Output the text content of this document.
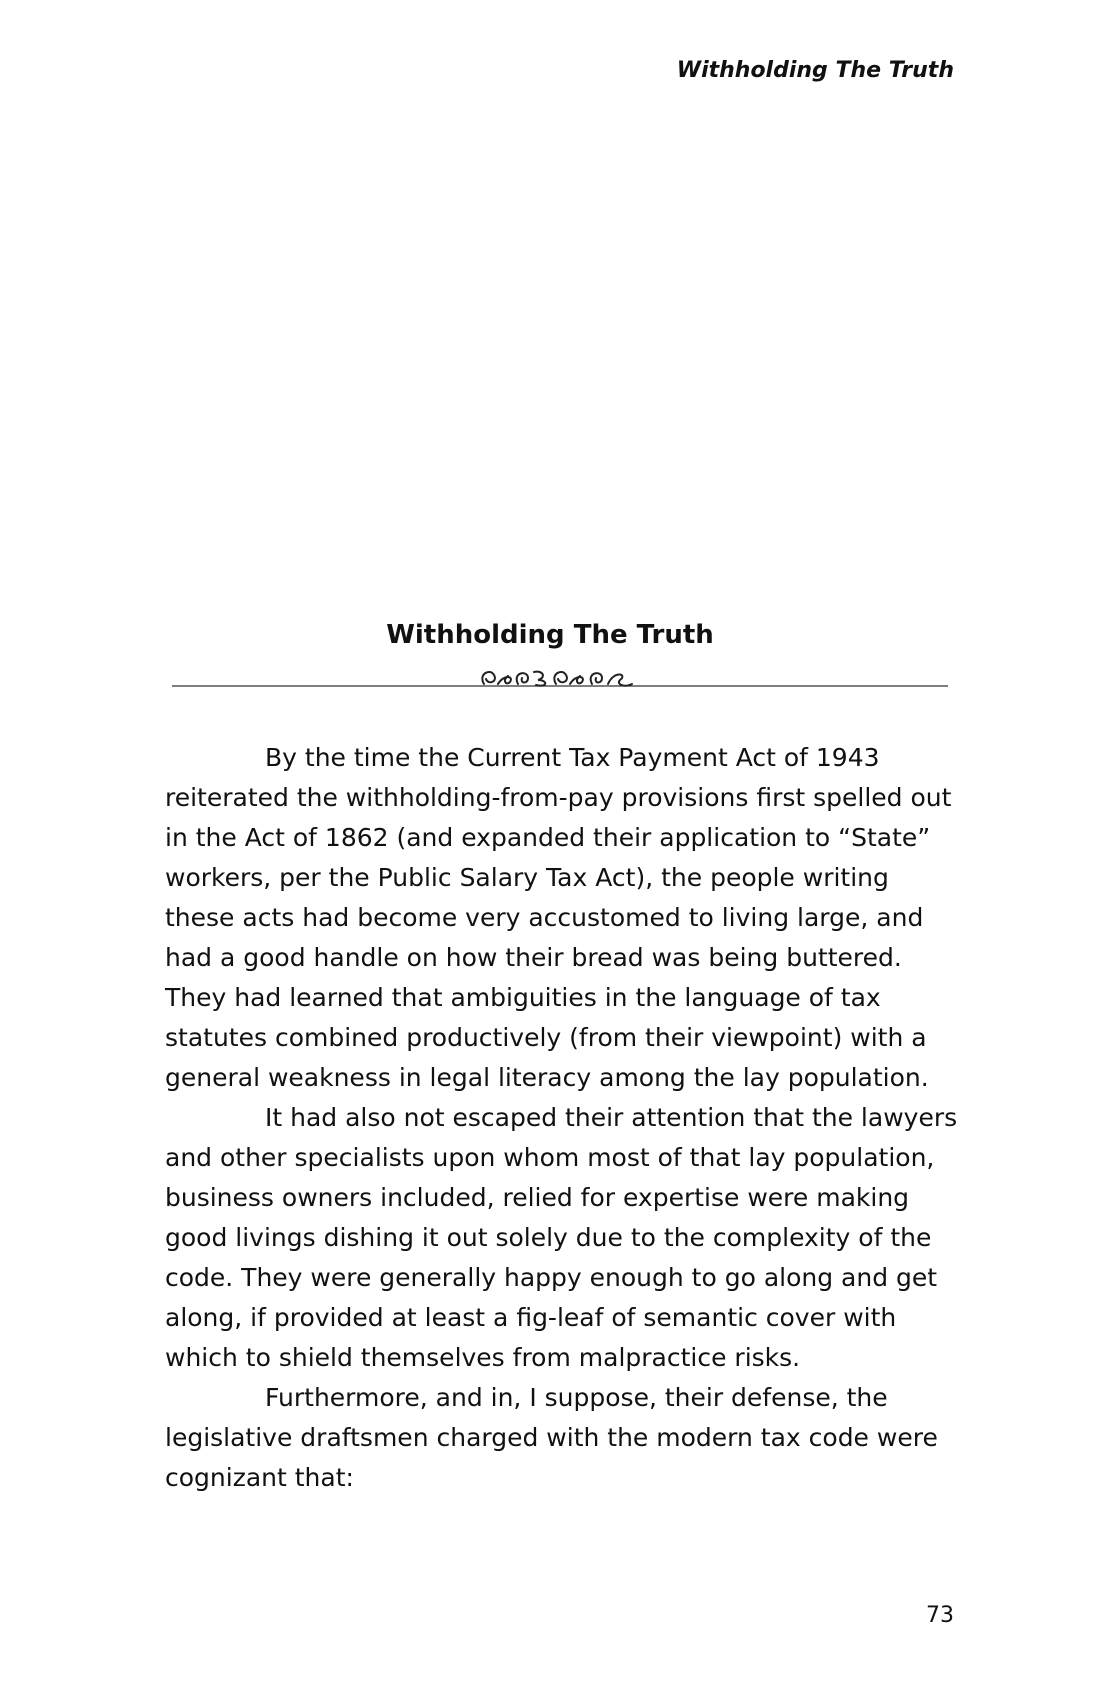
Withholding The Truth
Withholding The Truth

By the time the Current Tax Payment Act of 1943 reiterated the withholding-from-pay provisions first spelled out in the Act of 1862 (and expanded their application to “State” workers, per the Public Salary Tax Act), the people writing these acts had become very accustomed to living large, and had a good handle on how their bread was being buttered. They had learned that ambiguities in the language of tax statutes combined productively (from their viewpoint) with a general weakness in legal literacy among the lay population.

It had also not escaped their attention that the lawyers and other specialists upon whom most of that lay population, business owners included, relied for expertise were making good livings dishing it out solely due to the complexity of the code. They were generally happy enough to go along and get along, if provided at least a fig-leaf of semantic cover with which to shield themselves from malpractice risks.

Furthermore, and in, I suppose, their defense, the legislative draftsmen charged with the modern tax code were cognizant that:

73
